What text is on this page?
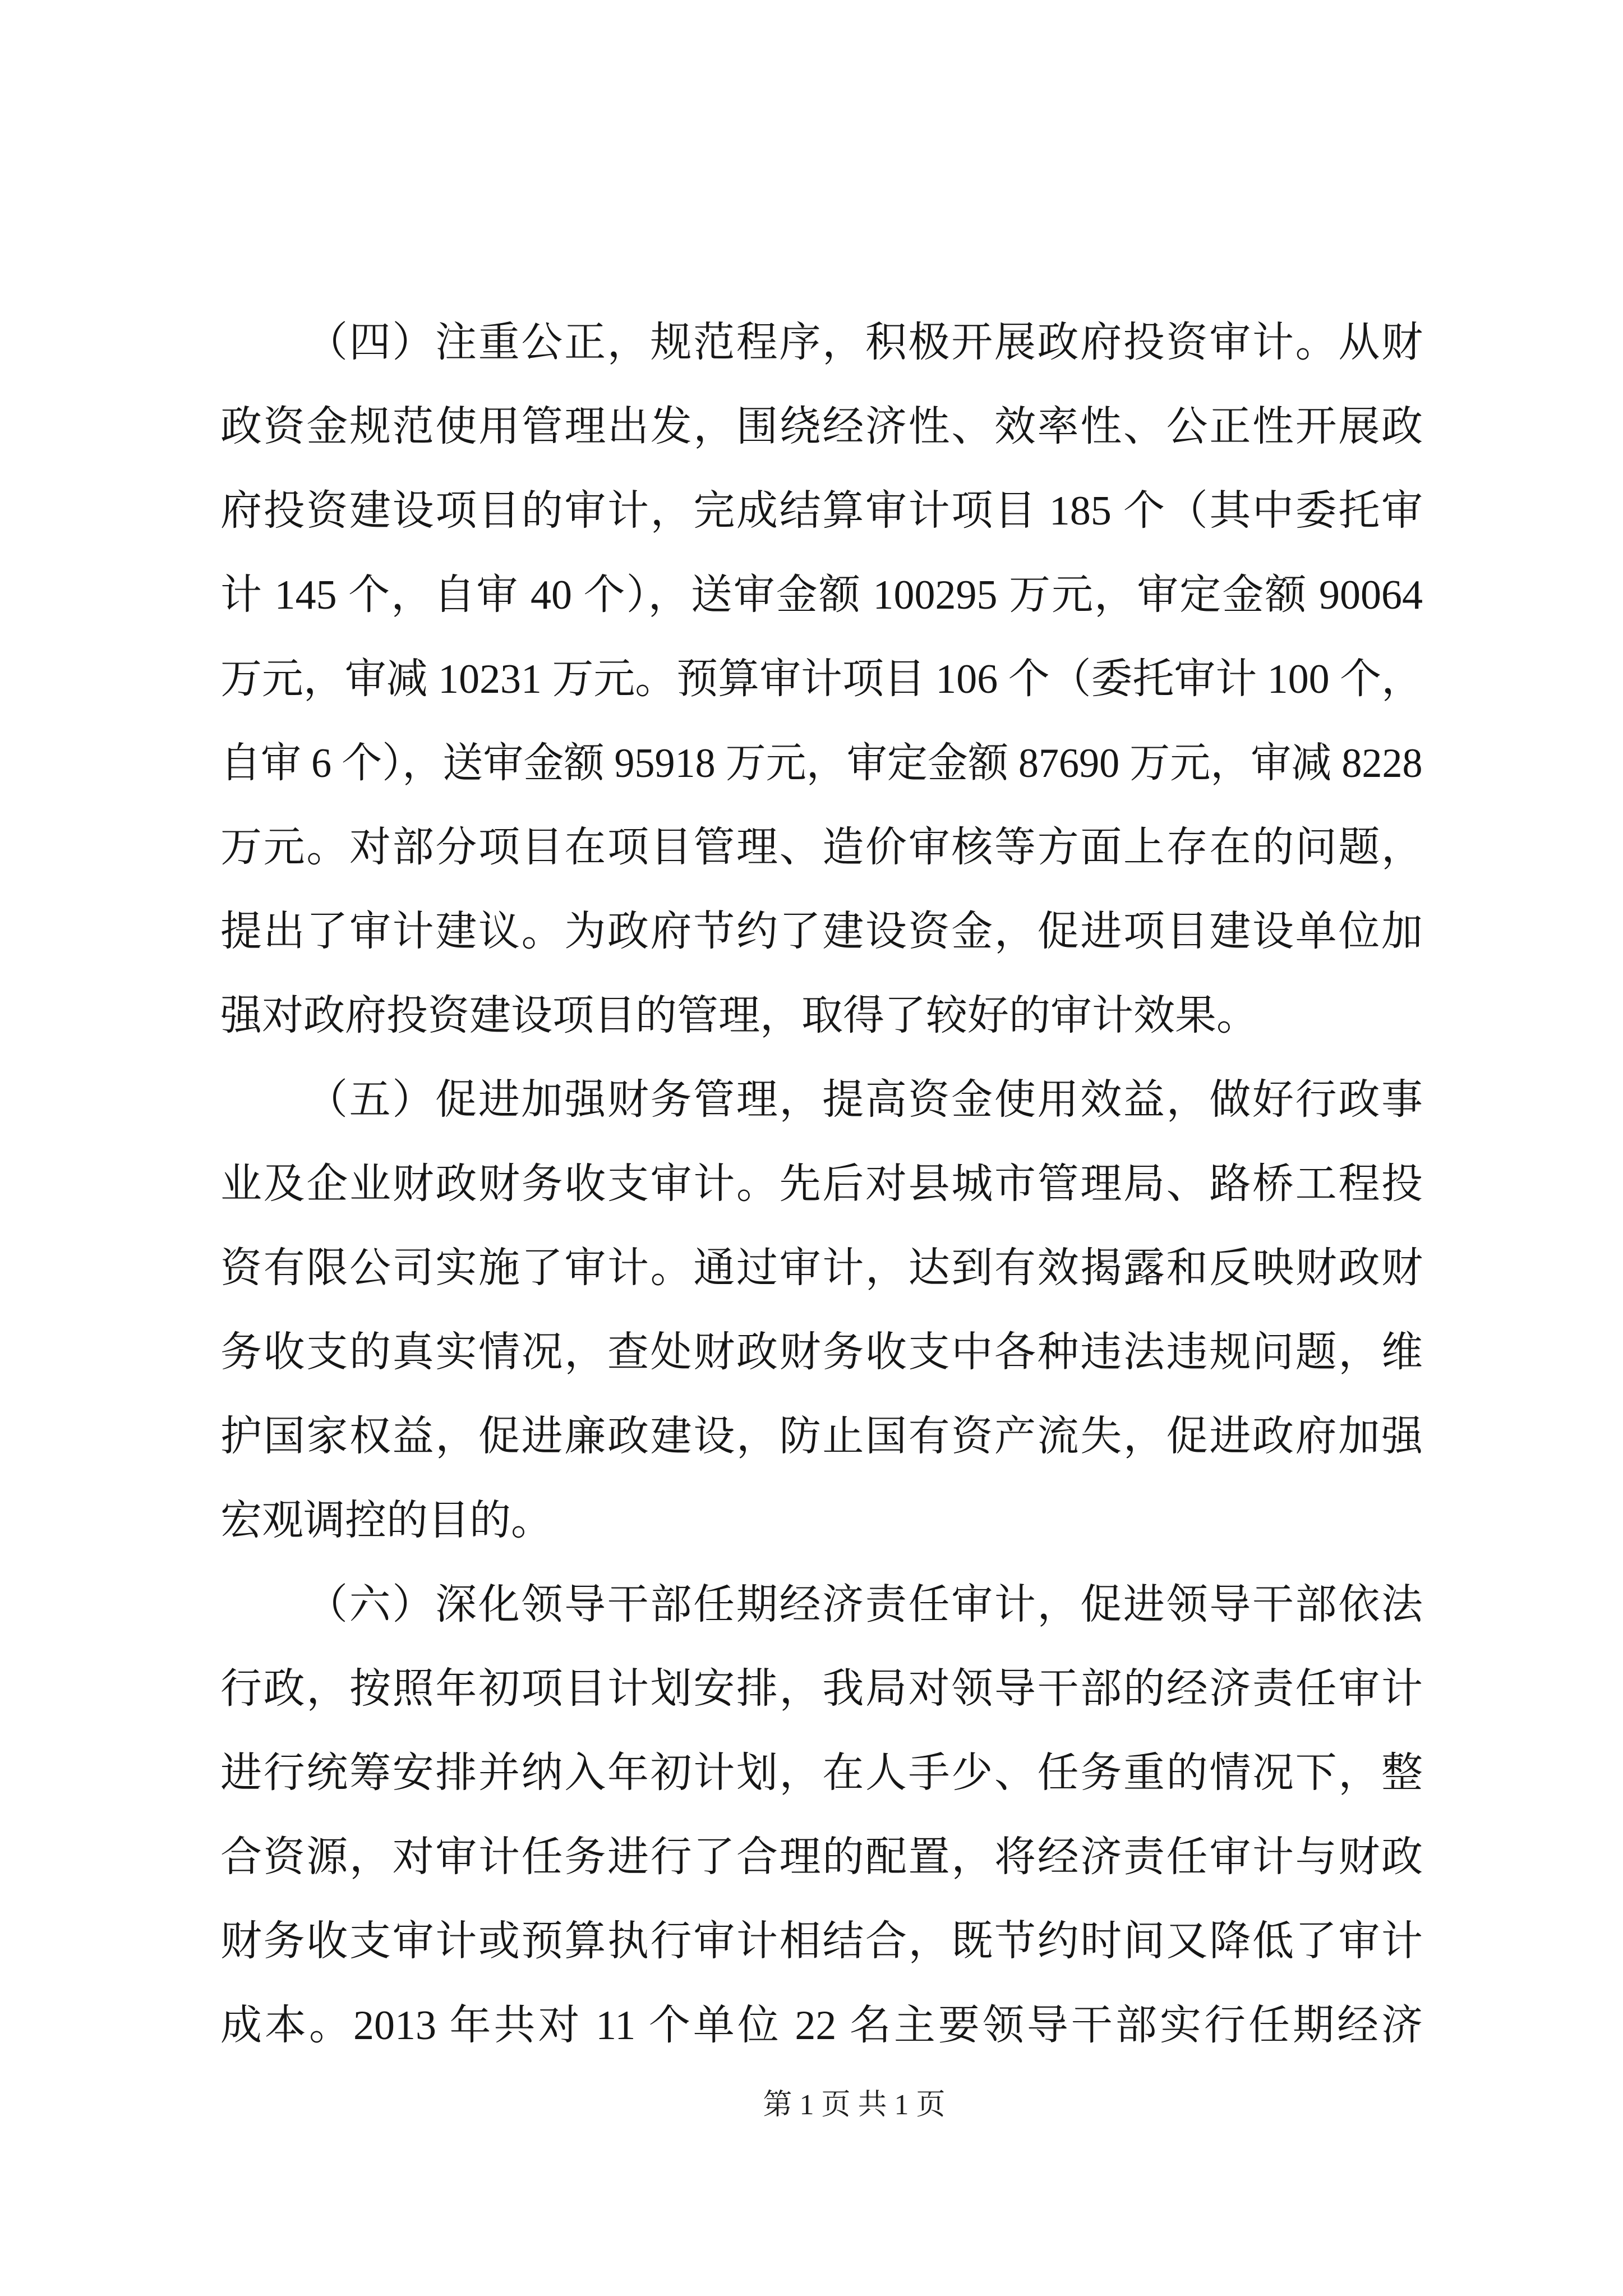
（四）注重公正，规范程序，积极开展政府投资审计。从财
政资金规范使用管理出发，围绕经济性、效率性、公正性开展政
府投资建设项目的审计，完成结算审计项目 185 个（其中委托审
计 145 个，自审 40 个），送审金额 100295 万元，审定金额 90064
万元，审减 10231 万元。预算审计项目 106 个（委托审计 100 个，
自审 6 个），送审金额 95918 万元，审定金额 87690 万元，审减 8228
万元。对部分项目在项目管理、造价审核等方面上存在的问题，
提出了审计建议。为政府节约了建设资金，促进项目建设单位加
强对政府投资建设项目的管理，取得了较好的审计效果。
（五）促进加强财务管理，提高资金使用效益，做好行政事
业及企业财政财务收支审计。先后对县城市管理局、路桥工程投
资有限公司实施了审计。通过审计，达到有效揭露和反映财政财
务收支的真实情况，查处财政财务收支中各种违法违规问题，维
护国家权益，促进廉政建设，防止国有资产流失，促进政府加强
宏观调控的目的。
（六）深化领导干部任期经济责任审计，促进领导干部依法
行政，按照年初项目计划安排，我局对领导干部的经济责任审计
进行统筹安排并纳入年初计划，在人手少、任务重的情况下，整
合资源，对审计任务进行了合理的配置，将经济责任审计与财政
财务收支审计或预算执行审计相结合，既节约时间又降低了审计
成本。2013 年共对 11 个单位 22 名主要领导干部实行任期经济
第 1 页 共 1 页
